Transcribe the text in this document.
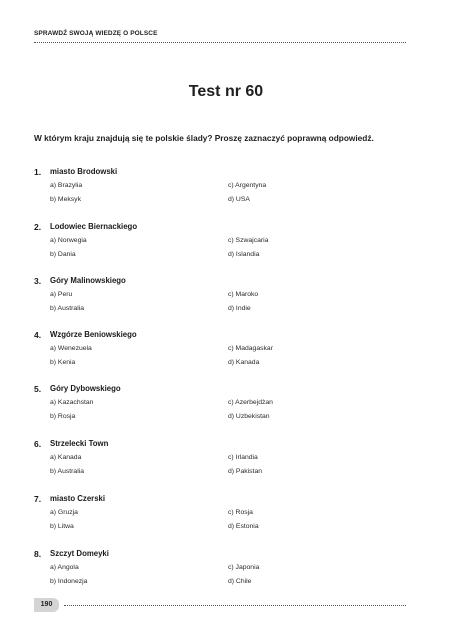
SPRAWDŹ SWOJĄ WIEDZĘ O POLSCE
Test nr 60
W którym kraju znajdują się te polskie ślady? Proszę zaznaczyć poprawną odpowiedź.
1. miasto Brodowski
a) Brazylia
b) Meksyk
c) Argentyna
d) USA
2. Lodowiec Biernackiego
a) Norwegia
b) Dania
c) Szwajcaria
d) Islandia
3. Góry Malinowskiego
a) Peru
b) Australia
c) Maroko
d) Indie
4. Wzgórze Beniowskiego
a) Wenezuela
b) Kenia
c) Madagaskar
d) Kanada
5. Góry Dybowskiego
a) Kazachstan
b) Rosja
c) Azerbejdżan
d) Uzbekistan
6. Strzelecki Town
a) Kanada
b) Australia
c) Irlandia
d) Pakistan
7. miasto Czerski
a) Gruzja
b) Litwa
c) Rosja
d) Estonia
8. Szczyt Domeyki
a) Angola
b) Indonezja
c) Japonia
d) Chile
190
